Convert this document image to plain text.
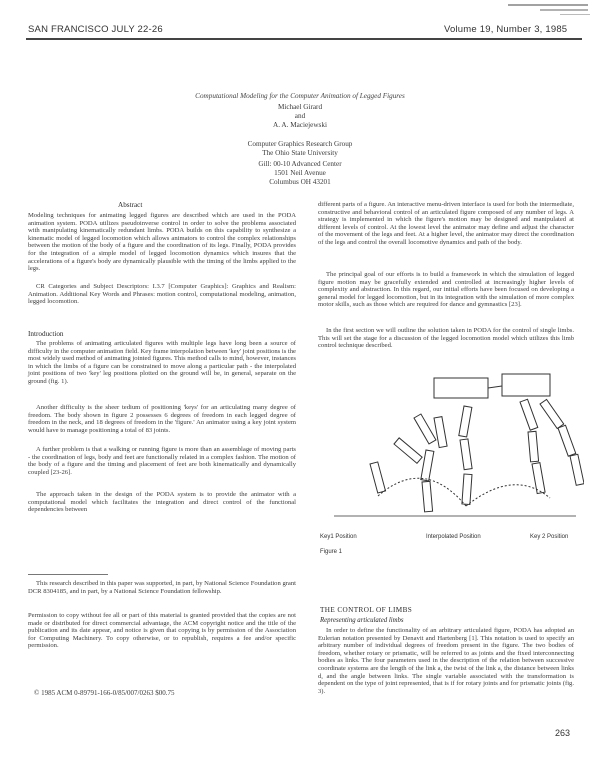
SAN FRANCISCO JULY 22-26	Volume 19, Number 3, 1985
Computational Modeling for the Computer Animation of Legged Figures
Michael Girard
and
A. A. Maciejewski
Computer Graphics Research Group
The Ohio State University
Gill: 00-10 Advanced Center
1501 Neil Avenue
Columbus OH 43201
Abstract
Modeling techniques for animating legged figures are described which are used in the PODA animation system. PODA utilizes pseudoinverse control in order to solve the problems associated with manipulating kinematically redundant limbs. PODA builds on this capability to synthesize a kinematic model of legged locomotion which allows animators to control the complex relationships between the motion of the body of a figure and the coordination of its legs. Finally, PODA provides for the integration of a simple model of legged locomotion dynamics which insures that the accelerations of a figure's body are dynamically plausible with the timing of the limbs applied to the legs.
CR Categories and Subject Descriptors: I.3.7 [Computer Graphics]: Graphics and Realism: Animation. Additional Key Words and Phrases: motion control, computational modeling, animation, legged locomotion.
Introduction
The problems of animating articulated figures with multiple legs have long been a source of difficulty in the computer animation field. Key frame interpolation between 'key' joint positions is the most widely used method of animating jointed figures. This method calls to mind, however, instances in which the limbs of a figure can be constrained to move along a particular path - the interpolated joint positions of two 'key' leg positions plotted on the ground will be, in general, separate on the ground (fig. 1).
Another difficulty is the sheer tedium of positioning 'keys' for an articulating many degree of freedom. The body shown in figure 2 possesses 6 degrees of freedom in each legged degree of freedom in the neck, and 18 degrees of freedom in the 'figure.' An animator using a key joint system would have to manage positioning a total of 83 joints.
A further problem is that a walking or running figure is more than an assemblage of moving parts - the coordination of legs, body and feet are functionally related in a complex fashion. The motion of the body of a figure and the timing and placement of feet are both kinematically and dynamically coupled [23-26].
The approach taken in the design of the PODA system is to provide the animator with a computational model which facilitates the integration and direct control of the functional dependencies between
This research described in this paper was supported, in part, by National Science Foundation grant DCR 8304185, and in part, by a National Science Foundation fellowship.
Permission to copy without fee all or part of this material is granted provided that the copies are not made or distributed for direct commercial advantage, the ACM copyright notice and the title of the publication and its date appear, and notice is given that copying is by permission of the Association for Computing Machinery. To copy otherwise, or to republish, requires a fee and/or specific permission.
© 1985 ACM 0-89791-166-0/85/007/0263 $00.75
different parts of a figure. An interactive menu-driven interface is used for both the intermediate, constructive and behavioral control of an articulated figure composed of any number of legs. A strategy is implemented in which the figure's motion may be designed and manipulated at different levels of control. At the lowest level the animator may define and adjust the character of the movement of the legs and feet. At a higher level, the animator may direct the coordination of the legs and control the overall locomotive dynamics and path of the body.
The principal goal of our efforts is to build a framework in which the simulation of legged figure motion may be gracefully extended and controlled at increasingly higher levels of complexity and abstraction. In this regard, our initial efforts have been focused on developing a general model for legged locomotion, but in its integration with the simulation of more complex motor skills, such as those which are required for dance and gymnastics [23].
In the first section we will outline the solution taken in PODA for the control of single limbs. This will set the stage for a discussion of the legged locomotion model which utilizes this limb control technique described.
Key1 Position	Interpolated Position	Key 2 Position
Figure 1
THE CONTROL OF LIMBS
Representing articulated limbs
In order to define the functionality of an arbitrary articulated figure, PODA has adopted an Eulerian notation presented by Denavit and Hartenberg [1]. This notation is used to specify an arbitrary number of individual degrees of freedom present in the figure. The two bodies of freedom, whether rotary or prismatic, will be referred to as joints and the fixed interconnecting bodies as links. The four parameters used in the description of the relation between successive coordinate systems are the length of the link a, the twist of the link a, the distance between links d, and the angle between links. The single variable associated with the transformation is dependent on the type of joint represented, that is if for rotary joints and for prismatic joints (fig. 3).
263
